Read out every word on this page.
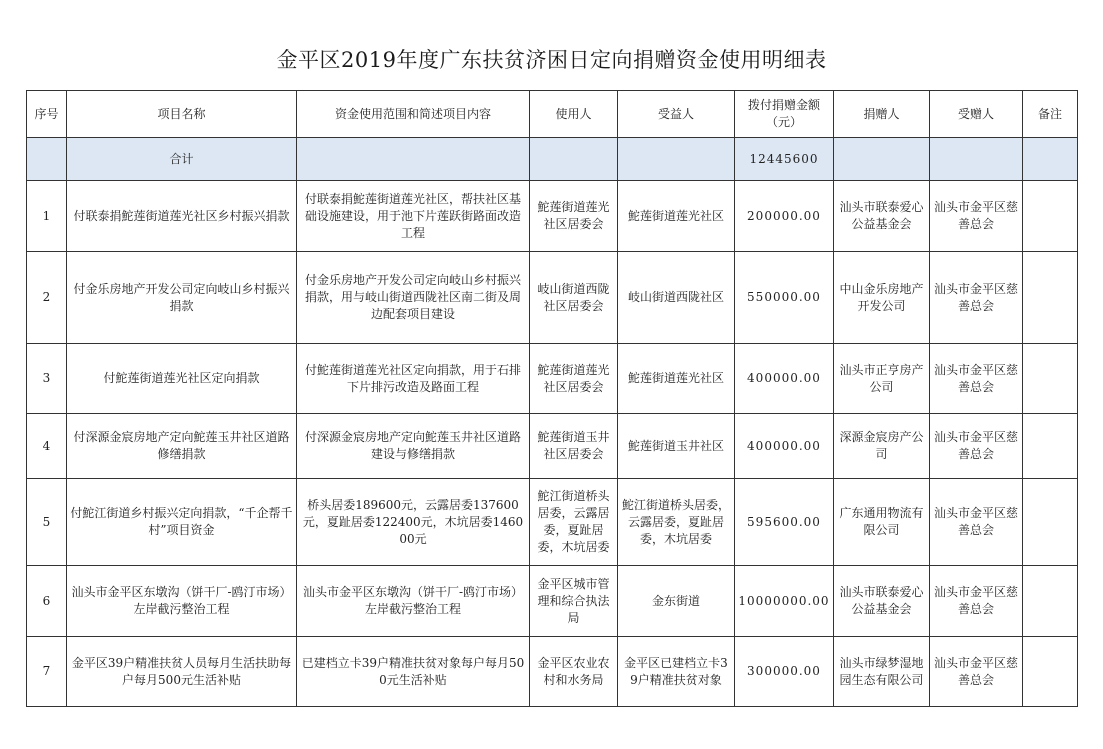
金平区2019年度广东扶贫济困日定向捐赠资金使用明细表
序号	项目名称	资金使用范围和简述项目内容	使用人	受益人	拨付捐赠金额（元）	捐赠人	受赠人	备注
	合计				12445600			
1	付联泰捐鮀莲街道莲光社区乡村振兴捐款	付联泰捐鮀莲街道莲光社区，帮扶社区基础设施建设，用于池下片莲跃街路面改造工程	鮀莲街道莲光社区居委会	鮀莲街道莲光社区	200000.00	汕头市联泰爱心公益基金会	汕头市金平区慈善总会	
2	付金乐房地产开发公司定向岐山乡村振兴捐款	付金乐房地产开发公司定向岐山乡村振兴捐款，用与岐山街道西陇社区南二街及周边配套项目建设	岐山街道西陇社区居委会	岐山街道西陇社区	550000.00	中山金乐房地产开发公司	汕头市金平区慈善总会	
3	付鮀莲街道莲光社区定向捐款	付鮀莲街道莲光社区定向捐款，用于石排下片排污改造及路面工程	鮀莲街道莲光社区居委会	鮀莲街道莲光社区	400000.00	汕头市正亨房产公司	汕头市金平区慈善总会	
4	付深源金宸房地产定向鮀莲玉井社区道路修缮捐款	付深源金宸房地产定向鮀莲玉井社区道路建设与修缮捐款	鮀莲街道玉井社区居委会	鮀莲街道玉井社区	400000.00	深源金宸房产公司	汕头市金平区慈善总会	
5	付鮀江街道乡村振兴定向捐款，“千企帮千村”项目资金	桥头居委189600元，云露居委137600元，夏趾居委122400元，木坑居委146000元	鮀江街道桥头居委，云露居委，夏趾居委，木坑居委	鮀江街道桥头居委，云露居委，夏趾居委，木坑居委	595600.00	广东通用物流有限公司	汕头市金平区慈善总会	
6	汕头市金平区东墩沟（饼干厂-鸥汀市场）左岸截污整治工程	汕头市金平区东墩沟（饼干厂-鸥汀市场）左岸截污整治工程	金平区城市管理和综合执法局	金东街道	10000000.00	汕头市联泰爱心公益基金会	汕头市金平区慈善总会	
7	金平区39户精准扶贫人员每月生活扶助每户每月500元生活补贴	已建档立卡39户精准扶贫对象每户每月500元生活补贴	金平区农业农村和水务局	金平区已建档立卡39户精准扶贫对象	300000.00	汕头市绿梦湿地园生态有限公司	汕头市金平区慈善总会	
